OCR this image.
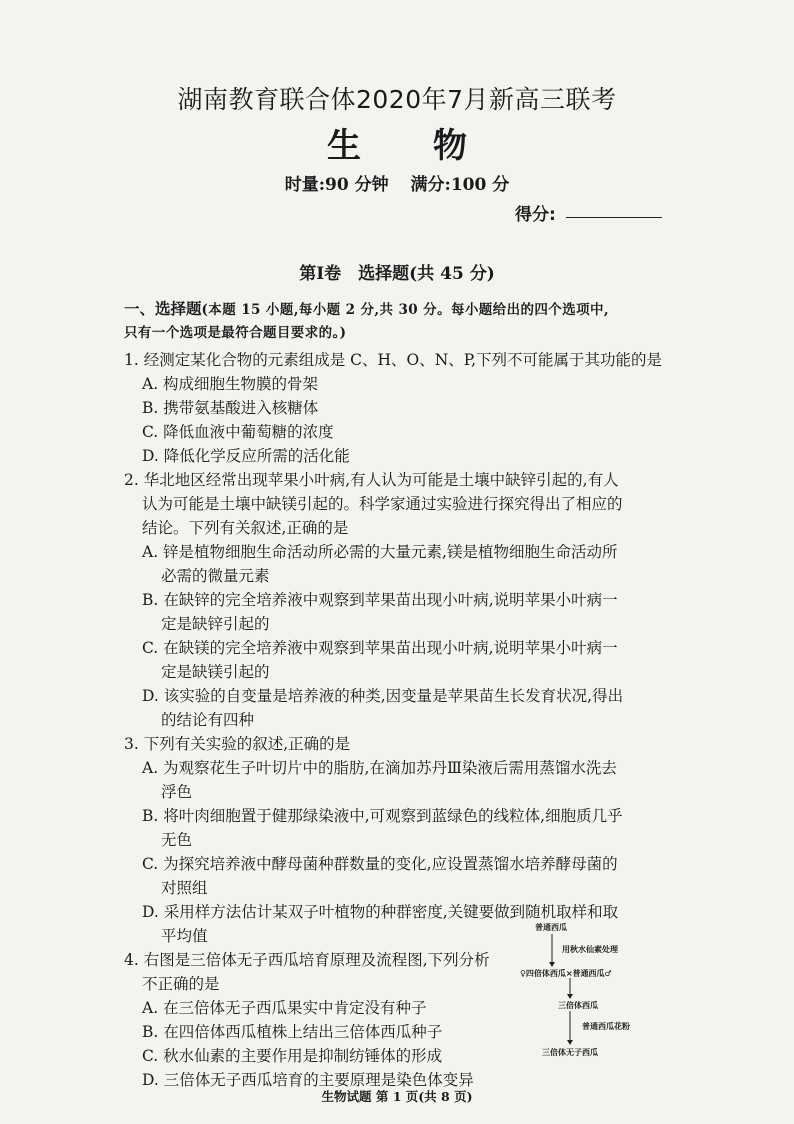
湖南教育联合体2020年7月新高三联考
生 物
时量:90 分钟 满分:100 分
得分:
第Ⅰ卷　选择题(共 45 分)
一、选择题(本题 15 小题,每小题 2 分,共 30 分。每小题给出的四个选项中,
只有一个选项是最符合题目要求的。)
1. 经测定某化合物的元素组成是 C、H、O、N、P,下列不可能属于其功能的是
A. 构成细胞生物膜的骨架
B. 携带氨基酸进入核糖体
C. 降低血液中葡萄糖的浓度
D. 降低化学反应所需的活化能
2. 华北地区经常出现苹果小叶病,有人认为可能是土壤中缺锌引起的,有人
认为可能是土壤中缺镁引起的。科学家通过实验进行探究得出了相应的
结论。下列有关叙述,正确的是
A. 锌是植物细胞生命活动所必需的大量元素,镁是植物细胞生命活动所
必需的微量元素
B. 在缺锌的完全培养液中观察到苹果苗出现小叶病,说明苹果小叶病一
定是缺锌引起的
C. 在缺镁的完全培养液中观察到苹果苗出现小叶病,说明苹果小叶病一
定是缺镁引起的
D. 该实验的自变量是培养液的种类,因变量是苹果苗生长发育状况,得出
的结论有四种
3. 下列有关实验的叙述,正确的是
A. 为观察花生子叶切片中的脂肪,在滴加苏丹Ⅲ染液后需用蒸馏水洗去
浮色
B. 将叶肉细胞置于健那绿染液中,可观察到蓝绿色的线粒体,细胞质几乎
无色
C. 为探究培养液中酵母菌种群数量的变化,应设置蒸馏水培养酵母菌的
对照组
D. 采用样方法估计某双子叶植物的种群密度,关键要做到随机取样和取
平均值
4. 右图是三倍体无子西瓜培育原理及流程图,下列分析
不正确的是
A. 在三倍体无子西瓜果实中肯定没有种子
B. 在四倍体西瓜植株上结出三倍体西瓜种子
C. 秋水仙素的主要作用是抑制纺锤体的形成
D. 三倍体无子西瓜培育的主要原理是染色体变异
普通西瓜
用秋水仙素处理
♀四倍体西瓜×普通西瓜♂
三倍体西瓜
普通西瓜花粉
三倍体无子西瓜
生物试题 第 1 页(共 8 页)
